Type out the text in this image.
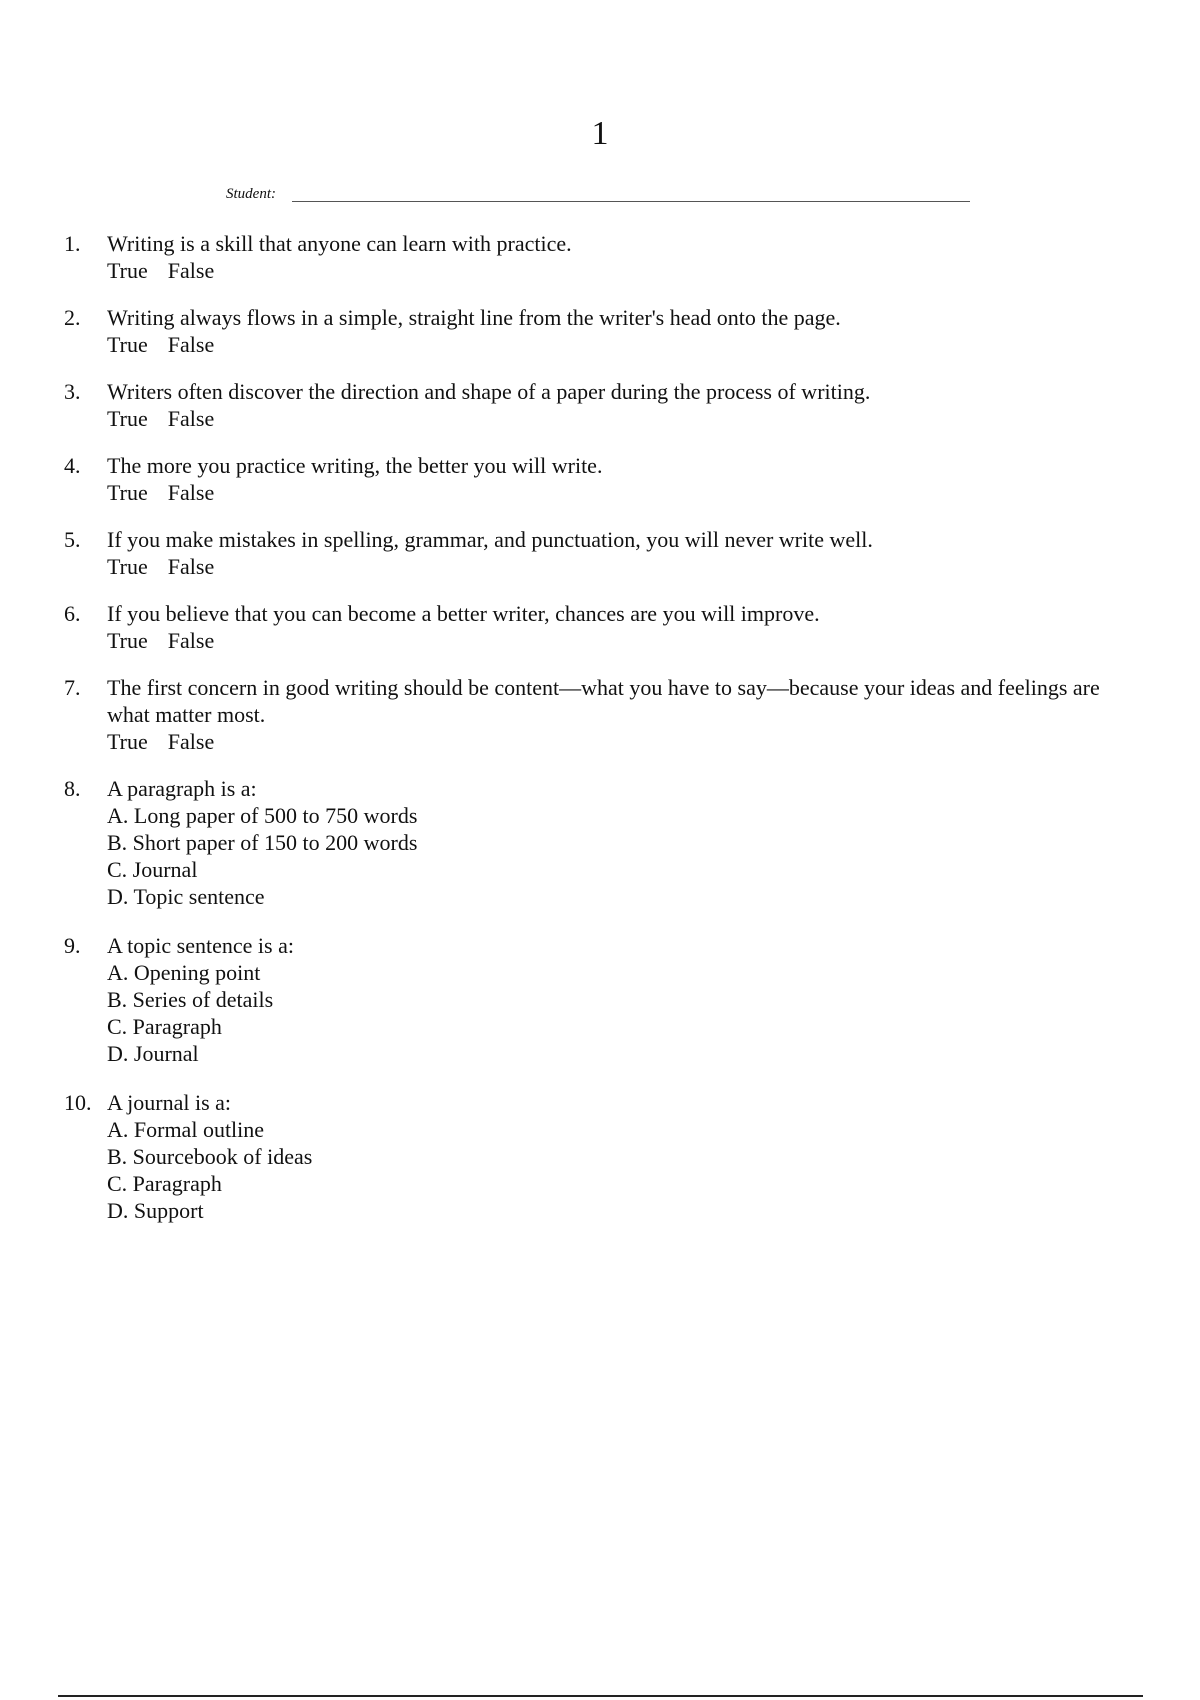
1
Student:
1. Writing is a skill that anyone can learn with practice.
True False
2. Writing always flows in a simple, straight line from the writer's head onto the page.
True False
3. Writers often discover the direction and shape of a paper during the process of writing.
True False
4. The more you practice writing, the better you will write.
True False
5. If you make mistakes in spelling, grammar, and punctuation, you will never write well.
True False
6. If you believe that you can become a better writer, chances are you will improve.
True False
7. The first concern in good writing should be content—what you have to say—because your ideas and feelings are what matter most.
True False
8. A paragraph is a:
A. Long paper of 500 to 750 words
B. Short paper of 150 to 200 words
C. Journal
D. Topic sentence
9. A topic sentence is a:
A. Opening point
B. Series of details
C. Paragraph
D. Journal
10. A journal is a:
A. Formal outline
B. Sourcebook of ideas
C. Paragraph
D. Support
